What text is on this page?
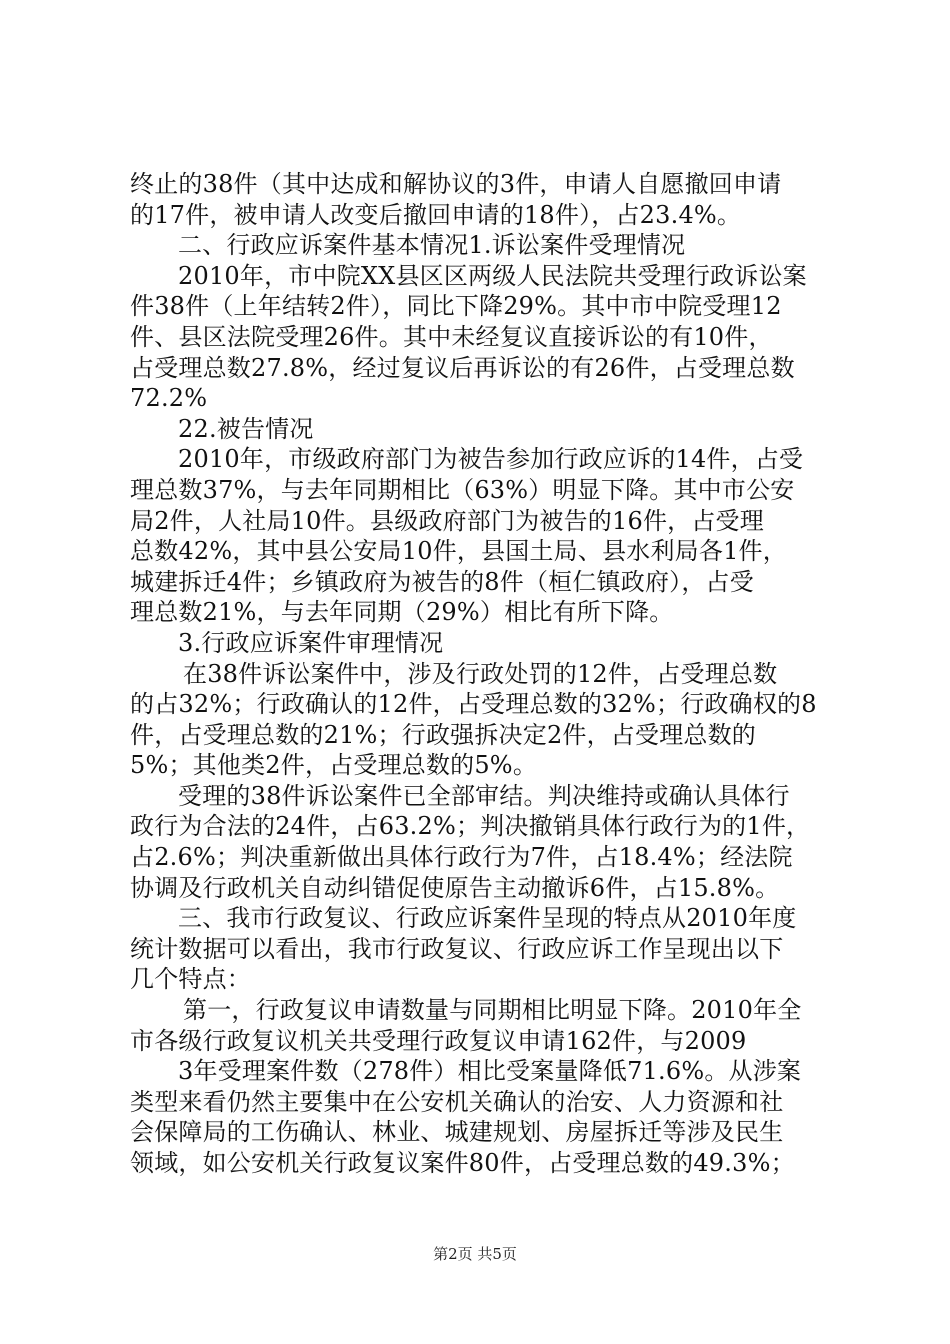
终止的38件（其中达成和解协议的3件，申请人自愿撤回申请
的17件，被申请人改变后撤回申请的18件），占23.4%。
二、行政应诉案件基本情况1.诉讼案件受理情况
2010年，市中院XX县区区两级人民法院共受理行政诉讼案
件38件（上年结转2件），同比下降29%。其中市中院受理12
件、县区法院受理26件。其中未经复议直接诉讼的有10件，
占受理总数27.8%，经过复议后再诉讼的有26件，占受理总数
72.2%
22.被告情况
2010年，市级政府部门为被告参加行政应诉的14件，占受
理总数37%，与去年同期相比（63%）明显下降。其中市公安
局2件，人社局10件。县级政府部门为被告的16件，占受理
总数42%，其中县公安局10件，县国土局、县水利局各1件，
城建拆迁4件；乡镇政府为被告的8件（桓仁镇政府），占受
理总数21%，与去年同期（29%）相比有所下降。
3.行政应诉案件审理情况
在38件诉讼案件中，涉及行政处罚的12件，占受理总数
的占32%；行政确认的12件，占受理总数的32%；行政确权的8
件，占受理总数的21%；行政强拆决定2件，占受理总数的
5%；其他类2件，占受理总数的5%。
受理的38件诉讼案件已全部审结。判决维持或确认具体行
政行为合法的24件，占63.2%；判决撤销具体行政行为的1件，
占2.6%；判决重新做出具体行政行为7件，占18.4%；经法院
协调及行政机关自动纠错促使原告主动撤诉6件，占15.8%。
三、我市行政复议、行政应诉案件呈现的特点从2010年度
统计数据可以看出，我市行政复议、行政应诉工作呈现出以下
几个特点：
第一，行政复议申请数量与同期相比明显下降。2010年全
市各级行政复议机关共受理行政复议申请162件，与2009
3年受理案件数（278件）相比受案量降低71.6%。从涉案
类型来看仍然主要集中在公安机关确认的治安、人力资源和社
会保障局的工伤确认、林业、城建规划、房屋拆迁等涉及民生
领域，如公安机关行政复议案件80件，占受理总数的49.3%；
第2页 共5页
